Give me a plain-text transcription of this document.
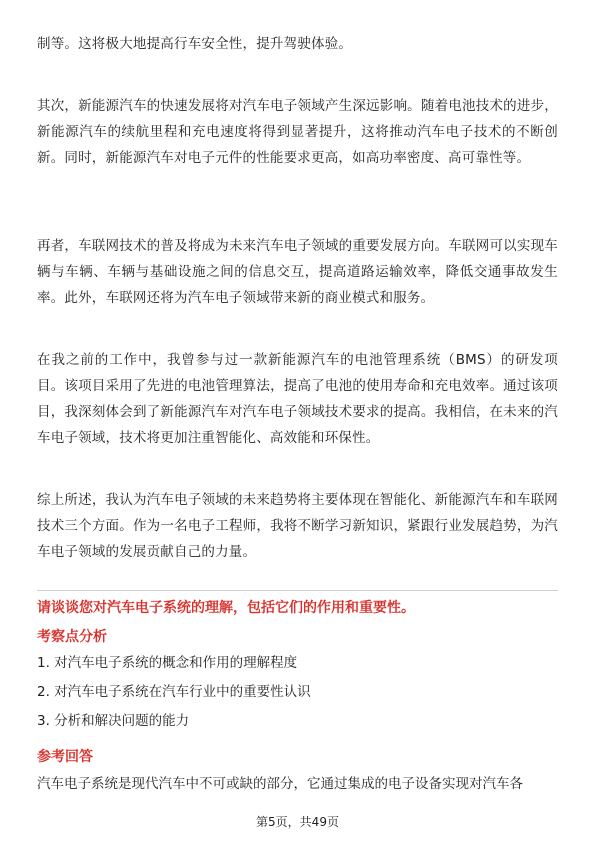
制等。这将极大地提高行车安全性，提升驾驶体验。

其次，新能源汽车的快速发展将对汽车电子领域产生深远影响。随着电池技术的进步，新能源汽车的续航里程和充电速度将得到显著提升，这将推动汽车电子技术的不断创新。同时，新能源汽车对电子元件的性能要求更高，如高功率密度、高可靠性等。

再者，车联网技术的普及将成为未来汽车电子领域的重要发展方向。车联网可以实现车辆与车辆、车辆与基础设施之间的信息交互，提高道路运输效率，降低交通事故发生率。此外，车联网还将为汽车电子领域带来新的商业模式和服务。

在我之前的工作中，我曾参与过一款新能源汽车的电池管理系统（BMS）的研发项目。该项目采用了先进的电池管理算法，提高了电池的使用寿命和充电效率。通过该项目，我深刻体会到了新能源汽车对汽车电子领域技术要求的提高。我相信，在未来的汽车电子领域，技术将更加注重智能化、高效能和环保性。

综上所述，我认为汽车电子领域的未来趋势将主要体现在智能化、新能源汽车和车联网技术三个方面。作为一名电子工程师，我将不断学习新知识，紧跟行业发展趋势，为汽车电子领域的发展贡献自己的力量。

请谈谈您对汽车电子系统的理解，包括它们的作用和重要性。

考察点分析

1. 对汽车电子系统的概念和作用的理解程度

2. 对汽车电子系统在汽车行业中的重要性认识

3. 分析和解决问题的能力

参考回答

汽车电子系统是现代汽车中不可或缺的部分，它通过集成的电子设备实现对汽车各

第5页，共49页
